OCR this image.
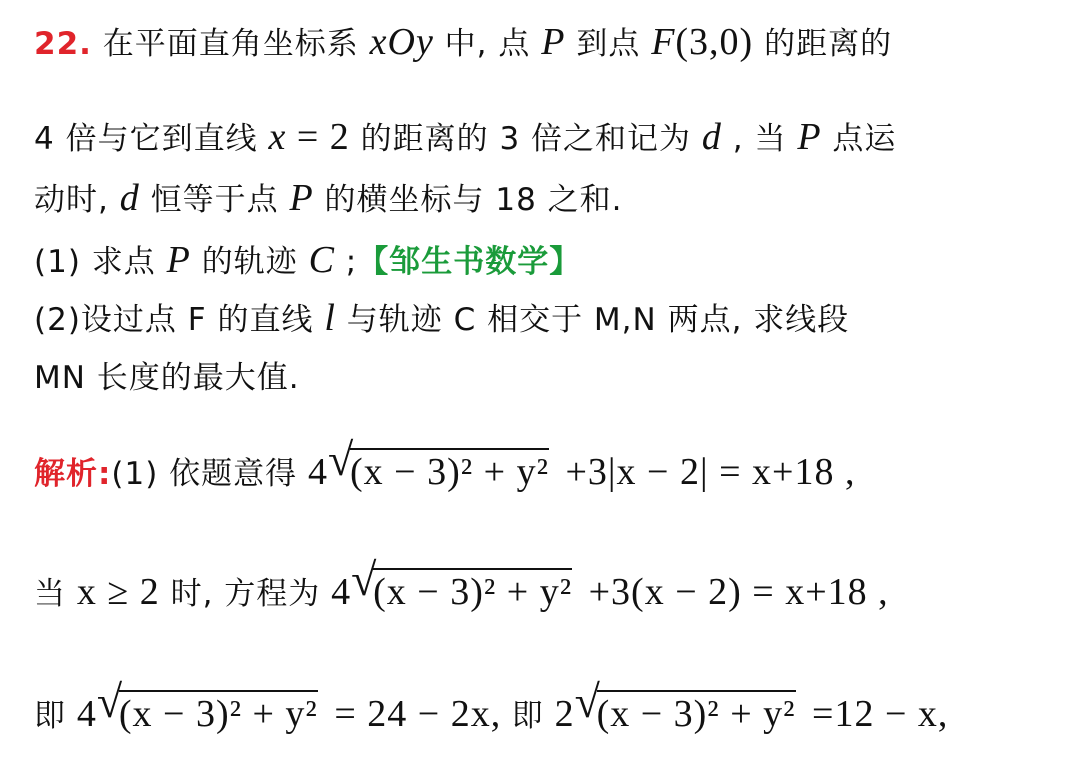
22. 在平面直角坐标系 xOy 中, 点 P 到点 F(3,0) 的距离的
4 倍与它到直线 x = 2 的距离的 3 倍之和记为 d , 当 P 点运
动时, d 恒等于点 P 的横坐标与 18 之和.
(1) 求点 P 的轨迹 C ;【邹生书数学】
(2)设过点 F 的直线 l 与轨迹 C 相交于 M,N 两点, 求线段
MN 长度的最大值.
解析:(1) 依题意得 4 √
(x − 3)² + y² +3|x − 2| = x+18 ,
当 x ≥ 2 时, 方程为 4 √
(x − 3)² + y² +3(x − 2) = x+18 ,
即 4 √
(x − 3)² + y² = 24 − 2x, 即 2 √
(x − 3)² + y² =12 − x,
